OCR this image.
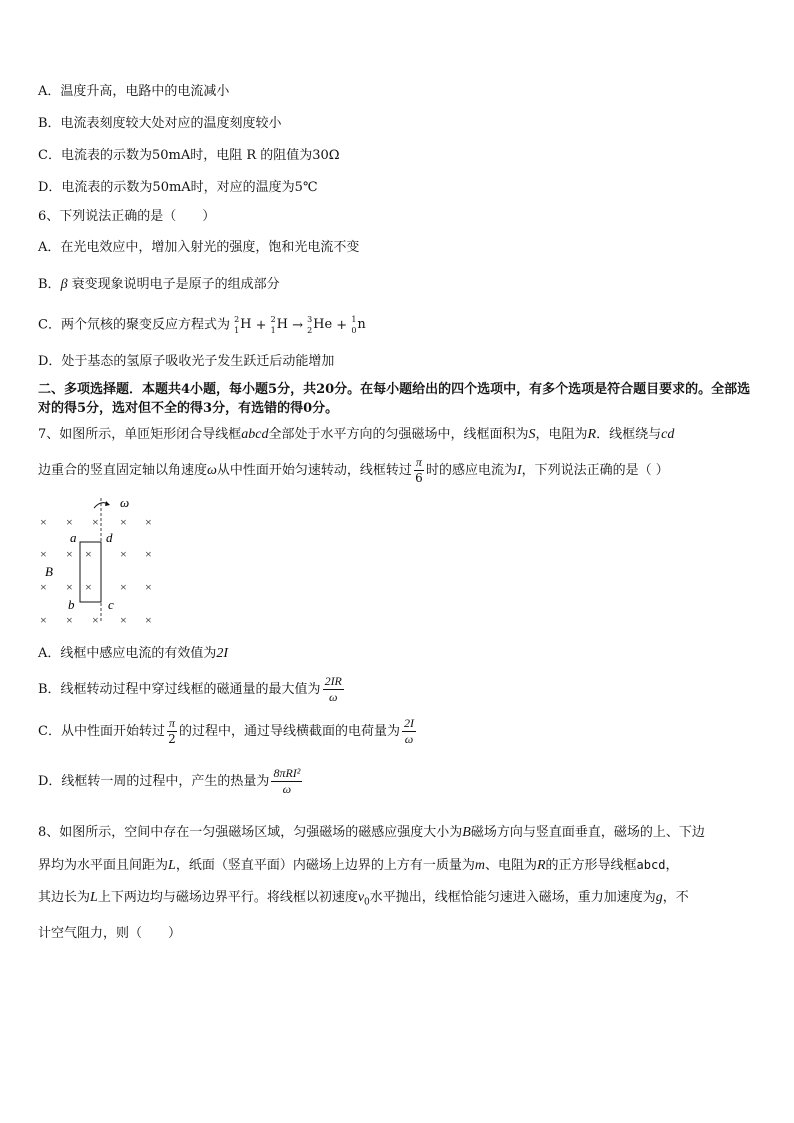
A．温度升高，电路中的电流减小
B．电流表刻度较大处对应的温度刻度较小
C．电流表的示数为50mA时，电阻 R 的阻值为30Ω
D．电流表的示数为50mA时，对应的温度为5℃
6、下列说法正确的是（　　）
A．在光电效应中，增加入射光的强度，饱和光电流不变
B．β 衰变现象说明电子是原子的组成部分
C．两个氘核的聚变反应方程式为 2
1 H + 2
1 H → 3
2 He + 1
0 n
D．处于基态的氢原子吸收光子发生跃迁后动能增加
二、多项选择题．本题共4小题，每小题5分，共20分。在每小题给出的四个选项中，有多个选项是符合题目要求的。全部选对的得5分，选对但不全的得3分，有选错的得0分。
7、如图所示，单匝矩形闭合导线框abcd全部处于水平方向的匀强磁场中，线框面积为S，电阻为R．线框绕与cd
边重合的竖直固定轴以角速度ω从中性面开始匀速转动，线框转过 $\frac{\pi}{6}$ 时的感应电流为I，下列说法正确的是（ ）
ω
a d
b	c
B
× × × × ×
× × × × ×
× × × × ×
× × × × ×
A．线框中感应电流的有效值为2I
B．线框转动过程中穿过线框的磁通量的最大值为 $\frac{2IR}{\omega}$
C．从中性面开始转过 $\frac{\pi}{2}$ 的过程中，通过导线横截面的电荷量为 $\frac{2I}{\omega}$
D．线框转一周的过程中，产生的热量为 $\frac{\text{8πRI²}}{\omega}$
8、如图所示，空间中存在一匀强磁场区域，匀强磁场的磁感应强度大小为B磁场方向与竖直面垂直，磁场的上、下边
界均为水平面且间距为L，纸面（竖直平面）内磁场上边界的上方有一质量为m、电阻为R的正方形导线框abcd，
其边长为L上下两边均与磁场边界平行。将线框以初速度$v_0$水平抛出，线框恰能匀速进入磁场，重力加速度为g，不
计空气阻力，则（　　）
